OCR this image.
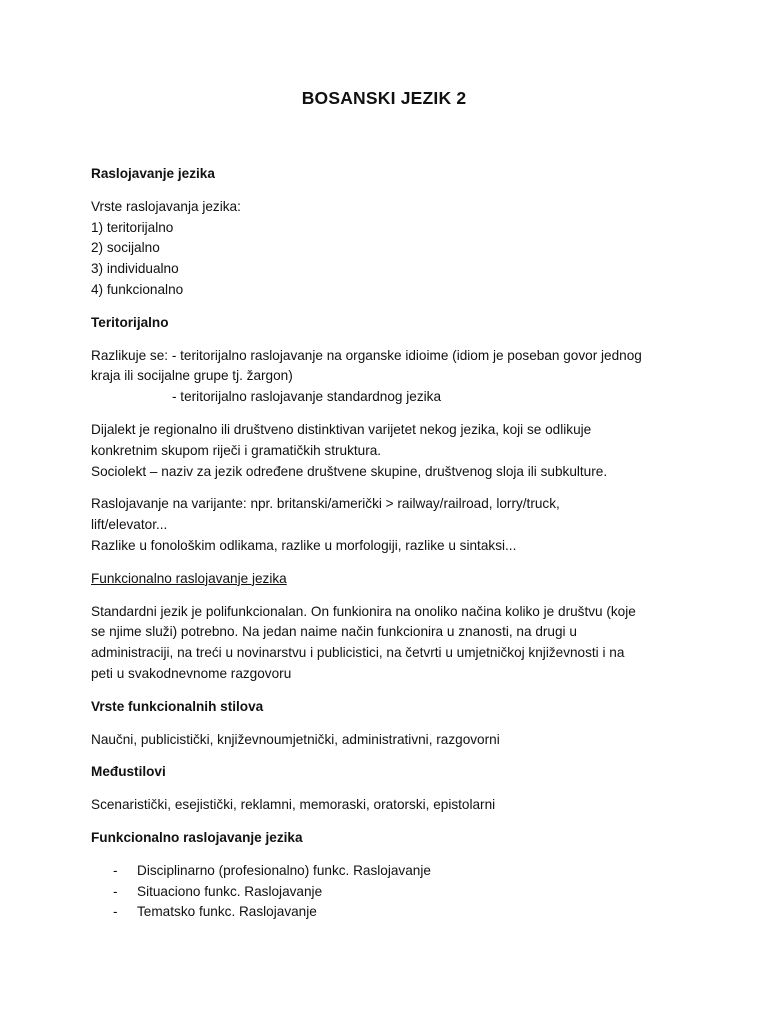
BOSANSKI JEZIK 2

Raslojavanje jezika

Vrste raslojavanja jezika:
1) teritorijalno
2) socijalno
3) individualno
4) funkcionalno

Teritorijalno

Razlikuje se: - teritorijalno raslojavanje na organske idioime (idiom je poseban govor jednog
kraja ili socijalne grupe tj. žargon)
- teritorijalno raslojavanje standardnog jezika

Dijalekt je regionalno ili društveno distinktivan varijetet nekog jezika, koji se odlikuje
konkretnim skupom riječi i gramatičkih struktura.
Sociolekt – naziv za jezik određene društvene skupine, društvenog sloja ili subkulture.

Raslojavanje na varijante: npr. britanski/američki > railway/railroad, lorry/truck,
lift/elevator...
Razlike u fonološkim odlikama, razlike u morfologiji, razlike u sintaksi...

Funkcionalno raslojavanje jezika

Standardni jezik je polifunkcionalan. On funkionira na onoliko načina koliko je društvu (koje
se njime služi) potrebno. Na jedan naime način funkcionira u znanosti, na drugi u
administraciji, na treći u novinarstvu i publicistici, na četvrti u umjetničkoj književnosti i na
peti u svakodnevnome razgovoru

Vrste funkcionalnih stilova

Naučni, publicistički, književnoumjetnički, administrativni, razgovorni

Međustilovi

Scenaristički, esejistički, reklamni, memoraski, oratorski, epistolarni

Funkcionalno raslojavanje jezika

- Disciplinarno (profesionalno) funkc. Raslojavanje
- Situaciono funkc. Raslojavanje
- Tematsko funkc. Raslojavanje
